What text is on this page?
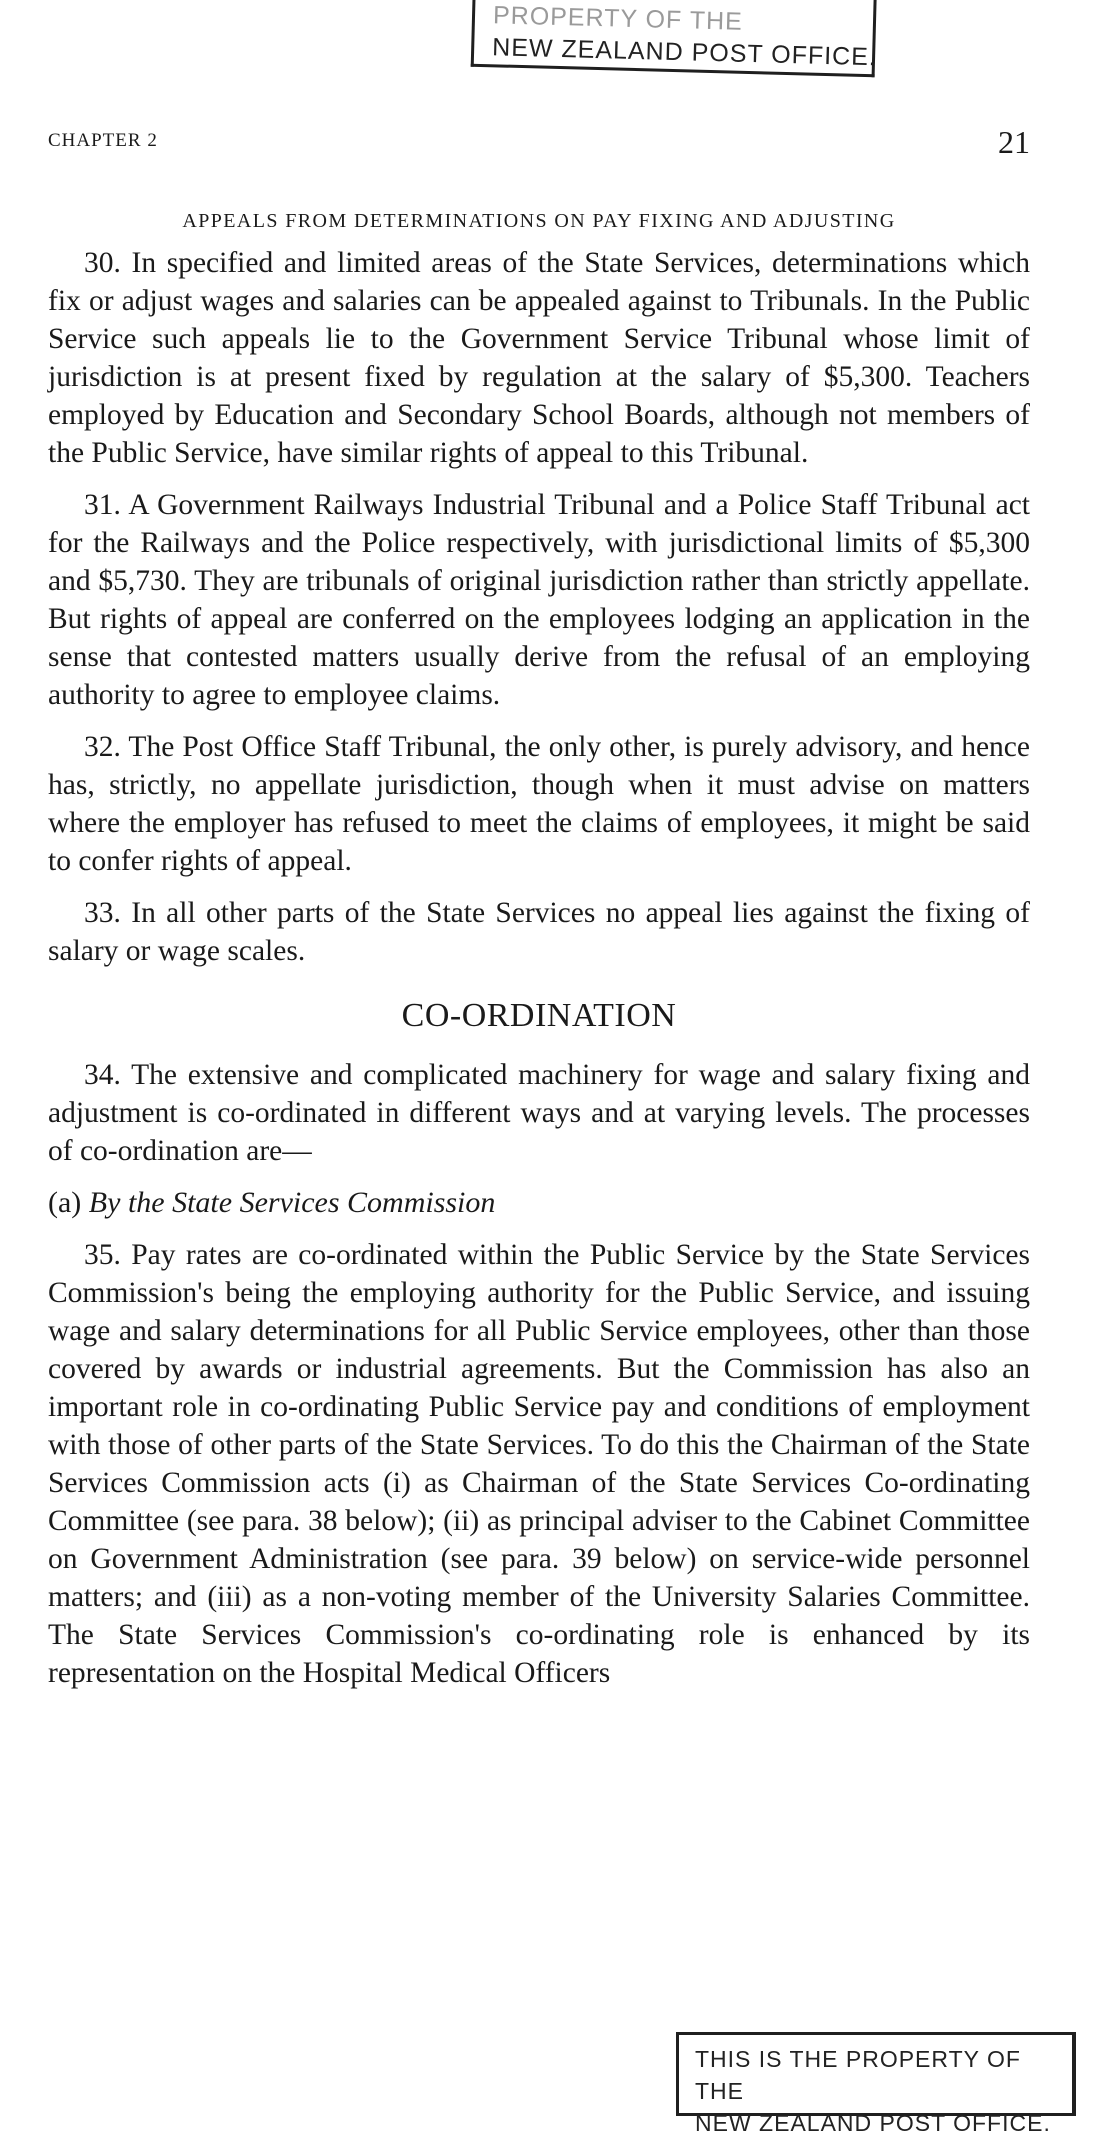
PROPERTY OF THE
NEW ZEALAND POST OFFICE.
CHAPTER 2	21
APPEALS FROM DETERMINATIONS ON PAY FIXING AND ADJUSTING

30. In specified and limited areas of the State Services, determinations which fix or adjust wages and salaries can be appealed against to Tribunals. In the Public Service such appeals lie to the Government Service Tribunal whose limit of jurisdiction is at present fixed by regulation at the salary of $5,300. Teachers employed by Education and Secondary School Boards, although not members of the Public Service, have similar rights of appeal to this Tribunal.

31. A Government Railways Industrial Tribunal and a Police Staff Tribunal act for the Railways and the Police respectively, with jurisdictional limits of $5,300 and $5,730. They are tribunals of original jurisdiction rather than strictly appellate. But rights of appeal are conferred on the employees lodging an application in the sense that contested matters usually derive from the refusal of an employing authority to agree to employee claims.

32. The Post Office Staff Tribunal, the only other, is purely advisory, and hence has, strictly, no appellate jurisdiction, though when it must advise on matters where the employer has refused to meet the claims of employees, it might be said to confer rights of appeal.

33. In all other parts of the State Services no appeal lies against the fixing of salary or wage scales.

CO-ORDINATION

34. The extensive and complicated machinery for wage and salary fixing and adjustment is co-ordinated in different ways and at varying levels. The processes of co-ordination are—

(a) By the State Services Commission

35. Pay rates are co-ordinated within the Public Service by the State Services Commission's being the employing authority for the Public Service, and issuing wage and salary determinations for all Public Service employees, other than those covered by awards or industrial agreements. But the Commission has also an important role in co-ordinating Public Service pay and conditions of employment with those of other parts of the State Services. To do this the Chairman of the State Services Commission acts (i) as Chairman of the State Services Co-ordinating Committee (see para. 38 below); (ii) as principal adviser to the Cabinet Committee on Government Administration (see para. 39 below) on service-wide personnel matters; and (iii) as a non-voting member of the University Salaries Committee. The State Services Commission's co-ordinating role is enhanced by its representation on the Hospital Medical Officers

THIS IS THE PROPERTY OF THE
NEW ZEALAND POST OFFICE.
